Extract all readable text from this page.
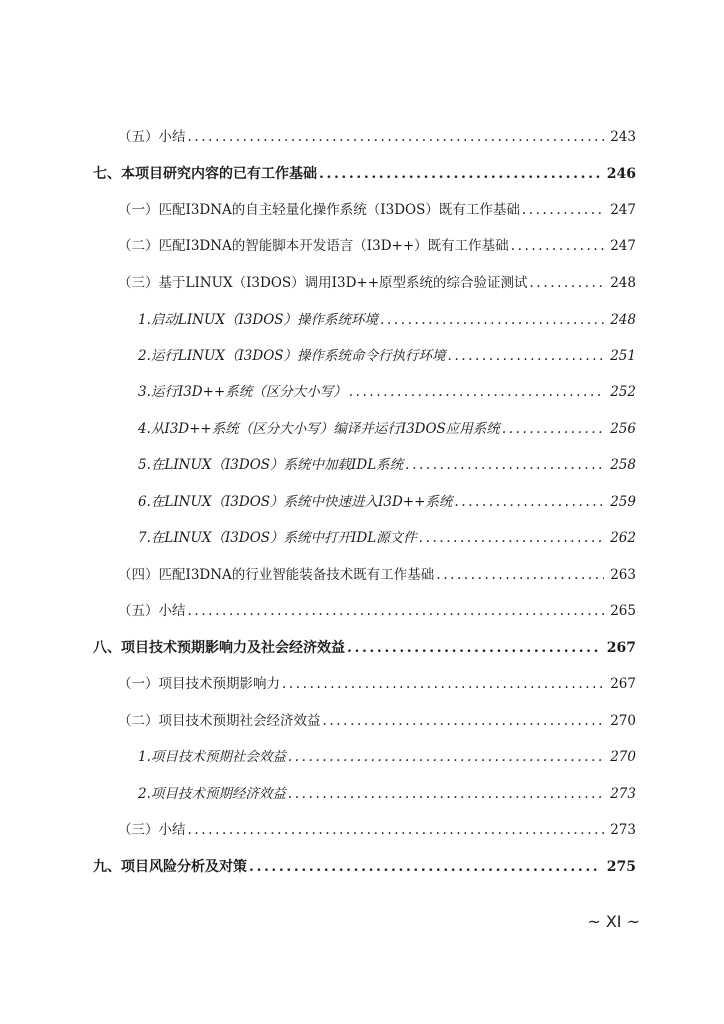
（五）小结 .....	243
七、本项目研究内容的已有工作基础 .....	246
（一）匹配I3DNA的自主轻量化操作系统（I3DOS）既有工作基础 .....	247
（二）匹配I3DNA的智能脚本开发语言（I3D++）既有工作基础 .....	247
（三）基于LINUX（I3DOS）调用I3D++原型系统的综合验证测试 .....	248
1.启动LINUX（I3DOS）操作系统环境 .....	248
2.运行LINUX（I3DOS）操作系统命令行执行环境 .....	251
3.运行I3D++系统（区分大小写） .....	252
4.从I3D++系统（区分大小写）编译并运行I3DOS应用系统 .....	256
5.在LINUX（I3DOS）系统中加载IDL系统 .....	258
6.在LINUX（I3DOS）系统中快速进入I3D++系统 .....	259
7.在LINUX（I3DOS）系统中打开IDL源文件 .....	262
（四）匹配I3DNA的行业智能装备技术既有工作基础 .....	263
（五）小结 .....	265
八、项目技术预期影响力及社会经济效益 .....	267
（一）项目技术预期影响力 .....	267
（二）项目技术预期社会经济效益 .....	270
1.项目技术预期社会效益 .....	270
2.项目技术预期经济效益 .....	273
（三）小结 .....	273
九、项目风险分析及对策 .....	275
~ XI ~
